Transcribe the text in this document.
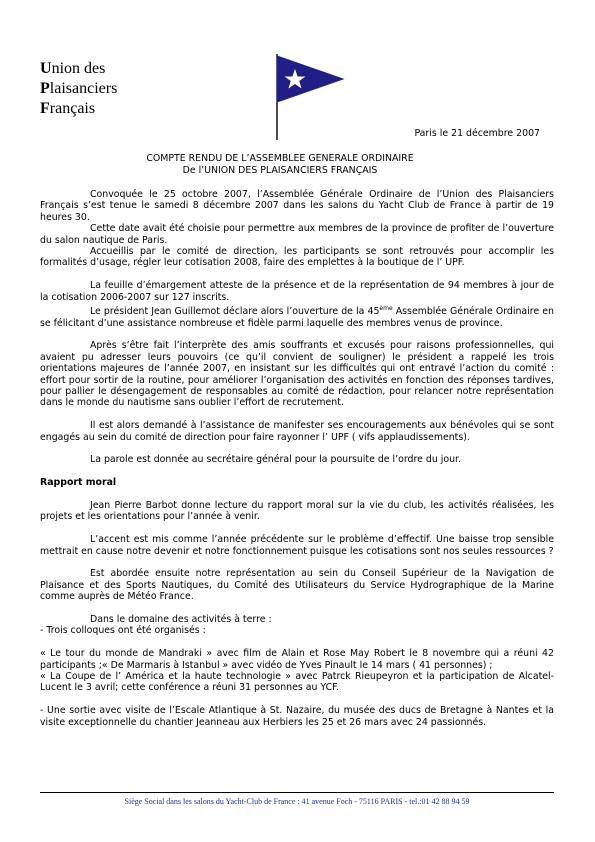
Union des
Plaisanciers
Français
Paris le 21 décembre 2007
COMPTE RENDU DE L’ASSEMBLEE GENERALE ORDINAIRE
De l’UNION DES PLAISANCIERS FRANÇAIS

Convoquée le 25 octobre 2007, l’Assemblée Générale Ordinaire de l’Union des Plaisanciers Français s’est tenue le samedi 8 décembre 2007 dans les salons du Yacht Club de France à partir de 19 heures 30.

Cette date avait été choisie pour permettre aux membres de la province de profiter de l’ouverture du salon nautique de Paris.

Accueillis par le comité de direction, les participants se sont retrouvés pour accomplir les formalités d’usage, régler leur cotisation 2008, faire des emplettes à la boutique de l’ UPF.

La feuille d’émargement atteste de la présence et de la représentation de 94 membres à jour de la cotisation 2006-2007 sur 127 inscrits.

Le président Jean Guillemot déclare alors l’ouverture de la 45ème Assemblée Générale Ordinaire en se félicitant d’une assistance nombreuse et fidèle parmi laquelle des membres venus de province.

Après s’être fait l’interprète des amis souffrants et excusés pour raisons professionnelles, qui avaient pu adresser leurs pouvoirs (ce qu’il convient de souligner) le président a rappelé les trois orientations majeures de l’année 2007, en insistant sur les difficultés qui ont entravé l’action du comité : effort pour sortir de la routine, pour améliorer l’organisation des activités en fonction des réponses tardives, pour pallier le désengagement de responsables au comité de rédaction, pour relancer notre représentation dans le monde du nautisme sans oublier l’effort de recrutement.

Il est alors demandé à l’assistance de manifester ses encouragements aux bénévoles qui se sont engagés au sein du comité de direction pour faire rayonner l’ UPF ( vifs applaudissements).

La parole est donnée au secrétaire général pour la poursuite de l’ordre du jour.

Rapport moral

Jean Pierre Barbot donne lecture du rapport moral sur la vie du club, les activités réalisées, les projets et les orientations pour l’année à venir.

L’accent est mis comme l’année précédente sur le problème d’effectif. Une baisse trop sensible mettrait en cause notre devenir et notre fonctionnement puisque les cotisations sont nos seules ressources ?

Est abordée ensuite notre représentation au sein du Conseil Supérieur de la Navigation de Plaisance et des Sports Nautiques, du Comité des Utilisateurs du Service Hydrographique de la Marine comme auprès de Météo France.

Dans le domaine des activités à terre :

- Trois colloques ont été organisés :

« Le tour du monde de Mandraki » avec film de Alain et Rose May Robert le 8 novembre qui a réuni 42 participants ;« De Marmaris à Istanbul » avec vidéo de Yves Pinault le 14 mars ( 41 personnes) ;

« La Coupe de l’ América et la haute technologie » avec Patrck Rieupeyron et la participation de Alcatel-Lucent le 3 avril; cette conférence a réuni 31 personnes au YCF.

- Une sortie avec visite de l’Escale Atlantique à St. Nazaire, du musée des ducs de Bretagne à Nantes et la visite exceptionnelle du chantier Jeanneau aux Herbiers les 25 et 26 mars avec 24 passionnés.

Siège Social dans les salons du Yacht-Club de France : 41 avenue Foch - 75116 PARIS - tel.:01 42 88 94 59
